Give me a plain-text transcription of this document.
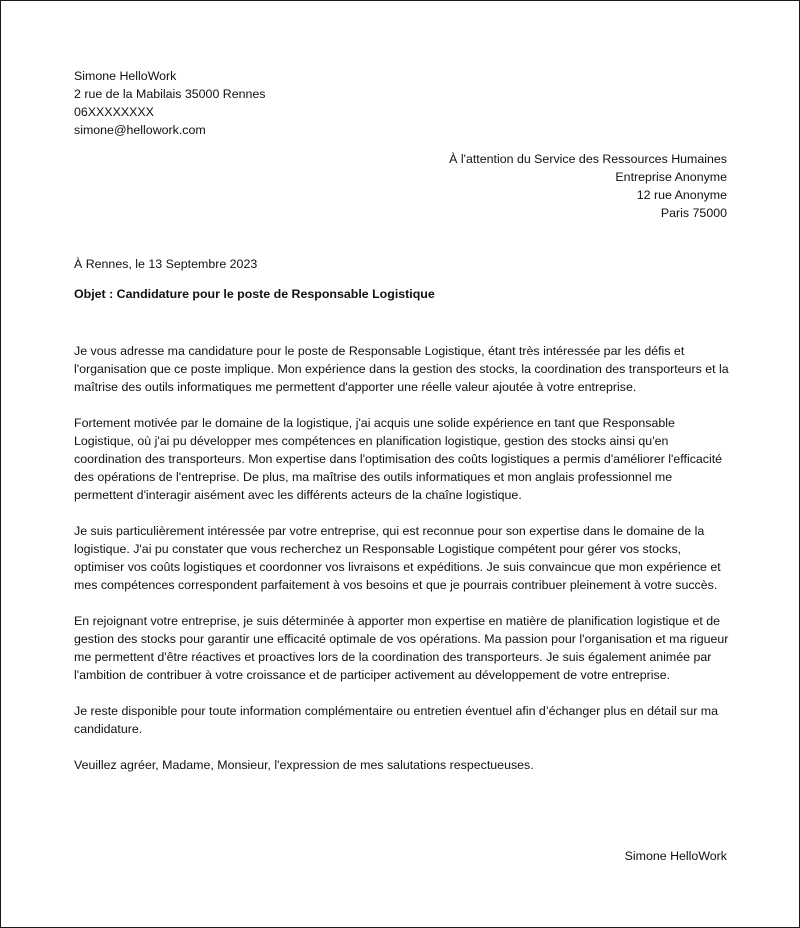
Simone HelloWork
2 rue de la Mabilais 35000 Rennes
06XXXXXXXX
simone@hellowork.com
À l'attention du Service des Ressources Humaines
Entreprise Anonyme
12 rue Anonyme
Paris 75000
À Rennes, le 13 Septembre 2023
Objet : Candidature pour le poste de Responsable Logistique

Je vous adresse ma candidature pour le poste de Responsable Logistique, étant très intéressée par les défis et l'organisation que ce poste implique. Mon expérience dans la gestion des stocks, la coordination des transporteurs et la maîtrise des outils informatiques me permettent d'apporter une réelle valeur ajoutée à votre entreprise.

Fortement motivée par le domaine de la logistique, j'ai acquis une solide expérience en tant que Responsable Logistique, où j'ai pu développer mes compétences en planification logistique, gestion des stocks ainsi qu'en coordination des transporteurs. Mon expertise dans l'optimisation des coûts logistiques a permis d'améliorer l'efficacité des opérations de l'entreprise. De plus, ma maîtrise des outils informatiques et mon anglais professionnel me permettent d'interagir aisément avec les différents acteurs de la chaîne logistique.

Je suis particulièrement intéressée par votre entreprise, qui est reconnue pour son expertise dans le domaine de la logistique. J'ai pu constater que vous recherchez un Responsable Logistique compétent pour gérer vos stocks, optimiser vos coûts logistiques et coordonner vos livraisons et expéditions. Je suis convaincue que mon expérience et mes compétences correspondent parfaitement à vos besoins et que je pourrais contribuer pleinement à votre succès.

En rejoignant votre entreprise, je suis déterminée à apporter mon expertise en matière de planification logistique et de gestion des stocks pour garantir une efficacité optimale de vos opérations. Ma passion pour l'organisation et ma rigueur me permettent d'être réactives et proactives lors de la coordination des transporteurs. Je suis également animée par l'ambition de contribuer à votre croissance et de participer activement au développement de votre entreprise.

Je reste disponible pour toute information complémentaire ou entretien éventuel afin d’échanger plus en détail sur ma candidature.

Veuillez agréer, Madame, Monsieur, l'expression de mes salutations respectueuses.

Simone HelloWork
